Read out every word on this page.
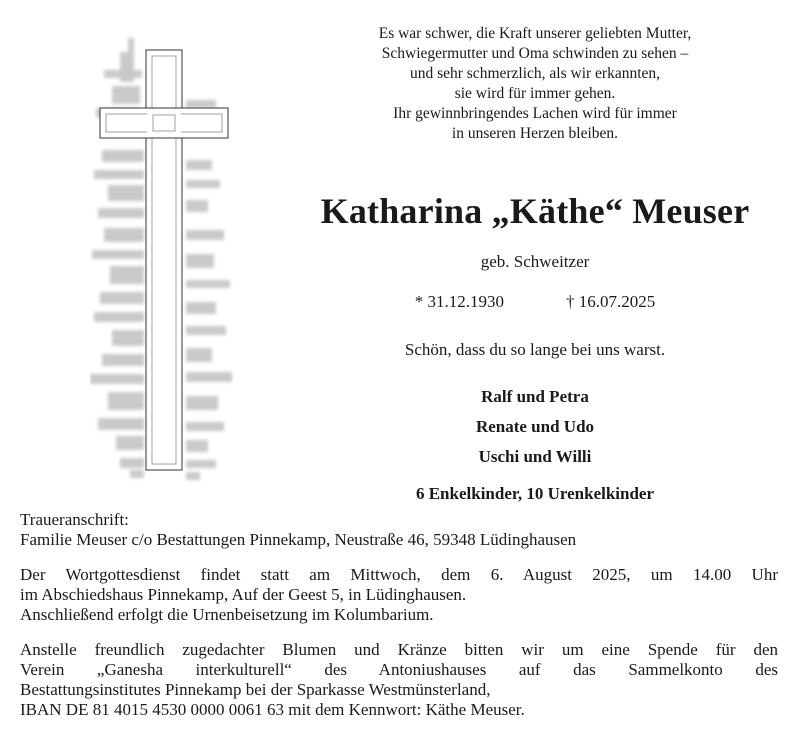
Es war schwer, die Kraft unserer geliebten Mutter,
Schwiegermutter und Oma schwinden zu sehen –
und sehr schmerzlich, als wir erkannten,
sie wird für immer gehen.
Ihr gewinnbringendes Lachen wird für immer
in unseren Herzen bleiben.
Katharina „Käthe“ Meuser
geb. Schweitzer
* 31.12.1930	† 16.07.2025
Schön, dass du so lange bei uns warst.
Ralf und Petra
Renate und Udo
Uschi und Willi
6 Enkelkinder, 10 Urenkelkinder

Traueranschrift:

Familie Meuser c/o Bestattungen Pinnekamp, Neustraße 46, 59348 Lüdinghausen

Der Wortgottesdienst findet statt am Mittwoch, dem 6. August 2025, um 14.00 Uhr
im Abschiedshaus Pinnekamp, Auf der Geest 5, in Lüdinghausen.
Anschließend erfolgt die Urnenbeisetzung im Kolumbarium.

Anstelle freundlich zugedachter Blumen und Kränze bitten wir um eine Spende für den
Verein „Ganesha interkulturell“ des Antoniushauses auf das Sammelkonto des
Bestattungsinstitutes Pinnekamp bei der Sparkasse Westmünsterland,
IBAN DE 81 4015 4530 0000 0061 63 mit dem Kennwort: Käthe Meuser.
